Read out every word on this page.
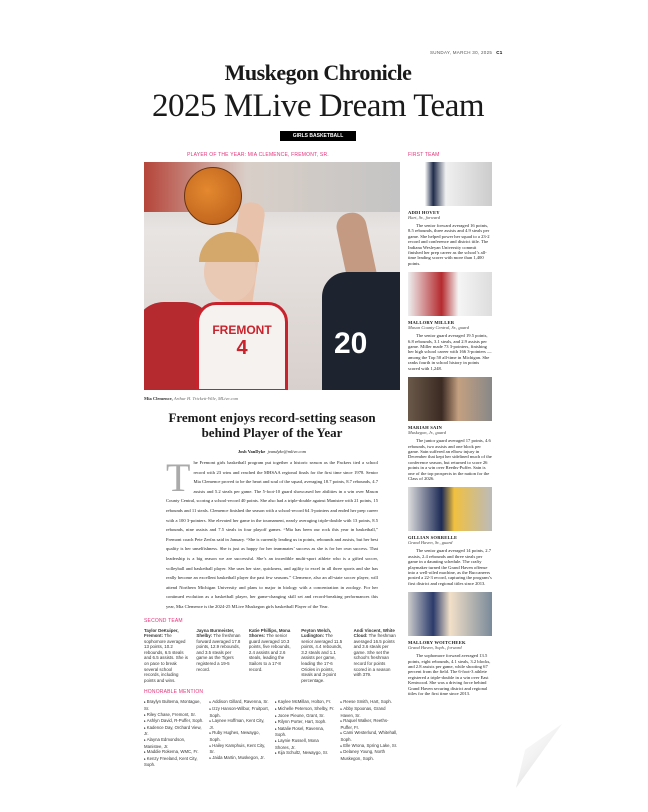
SUNDAY, MARCH 30, 2025 C1
Muskegon Chronicle
2025 MLive Dream Team
GIRLS BASKETBALL
PLAYER OF THE YEAR: MIA CLEMENCE, FREMONT, SR.	FIRST TEAM
FREMONT
4	20
Mia Clemence, Arthur H. Trickett-Wile, MLive.com
Fremont enjoys record-setting season behind Player of the Year
Josh VanDyke jvandyke@mlive.com
The Fremont girls basketball program put together a historic season as the Packers tied a school record with 23 wins and reached the MHSAA regional finals for the first time since 1978. Senior Mia Clemence proved to be the heart and soul of the squad, averaging 18.7 points, 8.7 rebounds, 4.7 assists and 5.2 steals per game. The 5-foot-10 guard showcased her abilities in a win over Mason County Central, scoring a school-record 40 points. She also had a triple-double against Manistee with 21 points, 15 rebounds and 11 steals. Clemence finished the season with a school-record 64 3-pointers and ended her prep career with a 100 3-pointers. She elevated her game in the tournament, nearly averaging triple-double with 13 points, 8.5 rebounds, nine assists and 7.5 steals in four playoff games. “Mia has been our rock this year in basketball,” Fremont coach Pete Zerfas said in January. “She is currently leading us in points, rebounds and assists, but her best quality is her unselfishness. She is just as happy for her teammates’ success as she is for her own success. That leadership is a big reason we are successful. She’s an incredible multi-sport athlete who is a gifted soccer, volleyball and basketball player. She uses her size, quickness, and agility to excel in all three sports and she has really become an excellent basketball player the past few seasons.” Clemence, also an all-state soccer player, will attend Northern Michigan University and plans to major in biology with a concentration in zoology. For her continued evolution as a basketball player, her game-changing skill set and record-breaking performances this year, Mia Clemence is the 2024-25 MLive Muskegon girls basketball Player of the Year.
SECOND TEAM
Taylor DeKuiper, Fremont: The sophomore averaged 13 points, 10.2 rebounds, 6.5 steals and 6.5 assists. She is on pace to break several school records, including points and wins.
Jayna Burmeister, Shelby: The freshman forward averaged 17.8 points, 12.9 rebounds, and 3.5 steals per game as the Tigers registered a 19-5 record.
Katie Phillips, Mona Shores: The senior guard averaged 10.3 points, five rebounds, 2.4 assists and 2.6 steals, leading the Sailors to a 17-8 record.
Peyton Welch, Ludington: The senior averaged 11.5 points, 4.4 rebounds, 3.2 steals and 1.1 assists per game, leading the 17-6 Orioles in points, steals and 3-point percentage.
Andi Vincent, White Cloud: The freshman averaged 16.5 points and 3.6 steals per game. She set the school’s freshman record for points scored in a season with 379.
HONORABLE MENTION
▸ Braylyn Bultema, Montague, Sr.
▸ Riley Chase, Fremont, Sr.
▸ Ashlyn David, R-Puffer, Soph.
▸ Kadence Day, Orchard View, Jr.
▸ Alayna Edmondson, Manistee, Jr.
▸ Maddie Rokema, WMC, Fr.
▸ Kenzy Freeland, Kent City, Soph.
▸ Addison Gillard, Ravenna, Sr.
▸ Izzy Hanson-Wilbur, Fruitport, Soph.
▸ Laynee Hoffman, Kent City, Jr.
▸ Ruby Hughes, Newaygo, Soph.
▸ Hailey Kamphuis, Kent City, Sr.
▸ Jaida Martin, Muskegon, Jr.
▸ Kaylee McMillan, Holton, Fr.
▸ Michelle Peterson, Shelby, Fr.
▸ Jocee Pieune, Grant, Sr.
▸ Rilynn Porter, Hart, Soph.
▸ Natalie Rosel, Ravenna, Soph.
▸ Laynie Russell, Mona Shores, Jr.
▸ Kija Schultz, Newaygo, Sr.
▸ Reese Smith, Hart, Soph.
▸ Abby Spoonas, Grand Haven, Sr.
▸ Raquel Walker, Reeths-Puffer, Fr.
▸ Cami Westerlund, Whitehall, Soph.
▸ Elle Wrona, Spring Lake, Sr.
▸ Delaney Young, North Muskegon, Soph.
ADDI HOVEY
Hart, Sr., forward
The senior forward averaged 16 points, 8.5 rebounds, three assists and 4.9 steals per game. She helped power her squad to a 23-2 record and conference and district title. The Indiana Wesleyan University commit finished her prep career as the school’s all-time leading scorer with more than 1,400 points.
MALLORY MILLER
Mason County Central, Sr., guard
The senior guard averaged 19.5 points, 6.8 rebounds, 3.1 steals, and 2.9 assists per game. Miller made 73 3-pointers, finishing her high school career with 166 3-pointers — among the Top 50 all-time in Michigan. She ranks fourth in school history in points scored with 1,248.
MARIAH SAIN
Muskegon, Jr., guard
The junior guard averaged 17 points, 4.6 rebounds, two assists and one block per game. Sain suffered an elbow injury in December that kept her sidelined much of the conference season, but returned to score 26 points in a win over Reeths-Puffer. Sain is one of the top prospects in the nation for the Class of 2026.
GILLIAN SORRELLE
Grand Haven, Sr., guard
The senior guard averaged 14 points, 2.7 assists, 2.4 rebounds and three steals per game in a daunting schedule. The crafty playmaker turned the Grand Haven offense into a well-oiled machine, as the Buccaneers posted a 22-3 record, capturing the program’s first district and regional titles since 2013.
MALLORY WOITCHEEK
Grand Haven, Soph., forward
The sophomore forward averaged 13.5 points, eight rebounds, 4.1 steals, 3.2 blocks, and 2.8 assists per game, while shooting 67 percent from the field. The 6-foot-3 athlete registered a triple-double in a win over East Kentwood. She was a driving force behind Grand Haven securing district and regional titles for the first time since 2013.
